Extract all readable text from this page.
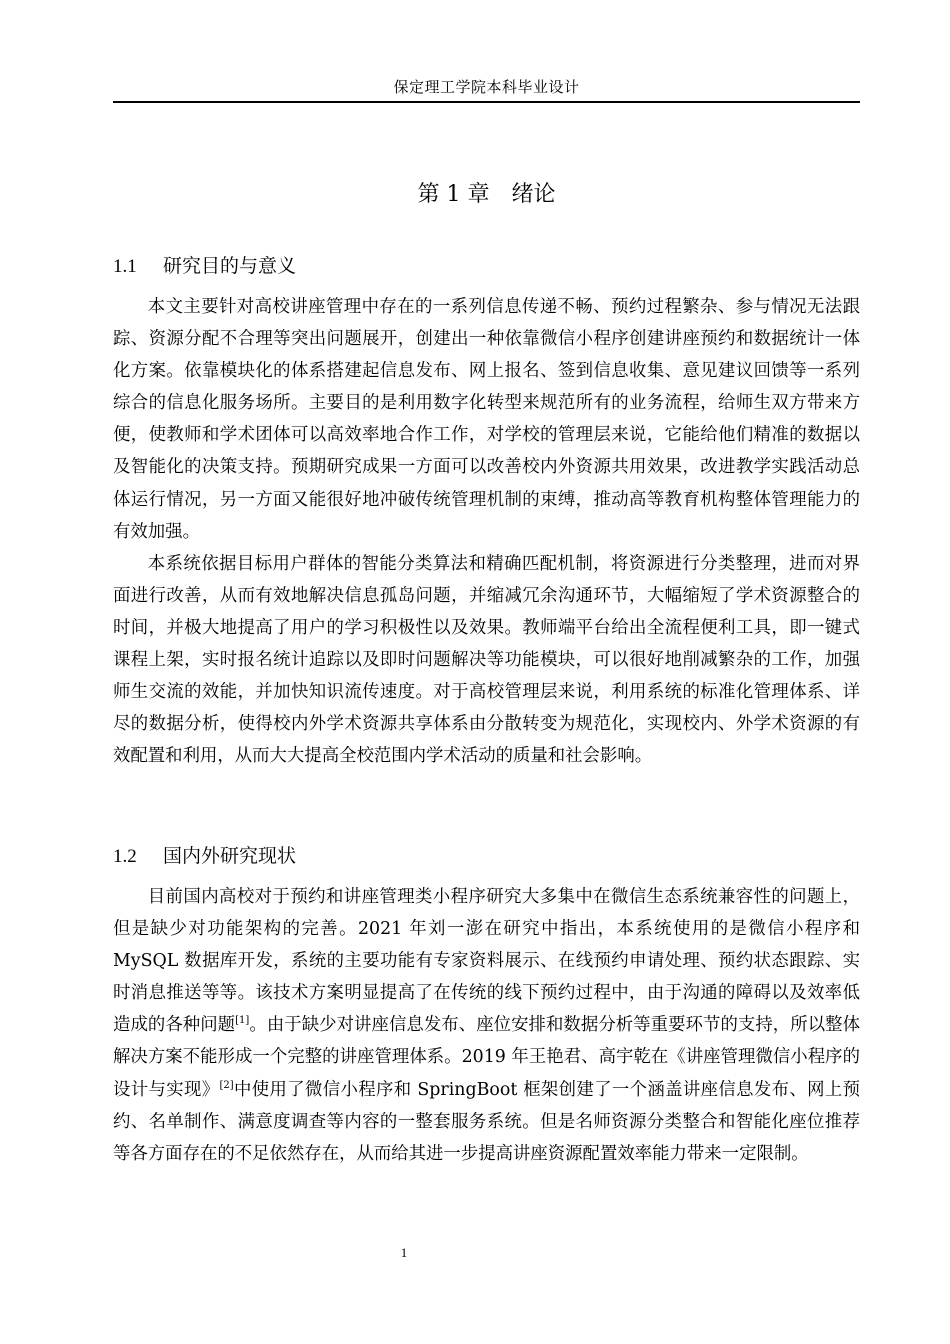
保定理工学院本科毕业设计
第 1 章 绪论
1.1 研究目的与意义

本文主要针对高校讲座管理中存在的一系列信息传递不畅、预约过程繁杂、参与情况无法跟踪、资源分配不合理等突出问题展开，创建出一种依靠微信小程序创建讲座预约和数据统计一体化方案。依靠模块化的体系搭建起信息发布、网上报名、签到信息收集、意见建议回馈等一系列综合的信息化服务场所。主要目的是利用数字化转型来规范所有的业务流程，给师生双方带来方便，使教师和学术团体可以高效率地合作工作，对学校的管理层来说，它能给他们精准的数据以及智能化的决策支持。预期研究成果一方面可以改善校内外资源共用效果，改进教学实践活动总体运行情况，另一方面又能很好地冲破传统管理机制的束缚，推动高等教育机构整体管理能力的有效加强。

本系统依据目标用户群体的智能分类算法和精确匹配机制，将资源进行分类整理，进而对界面进行改善，从而有效地解决信息孤岛问题，并缩减冗余沟通环节，大幅缩短了学术资源整合的时间，并极大地提高了用户的学习积极性以及效果。教师端平台给出全流程便利工具，即一键式课程上架，实时报名统计追踪以及即时问题解决等功能模块，可以很好地削减繁杂的工作，加强师生交流的效能，并加快知识流传速度。对于高校管理层来说，利用系统的标准化管理体系、详尽的数据分析，使得校内外学术资源共享体系由分散转变为规范化，实现校内、外学术资源的有效配置和利用，从而大大提高全校范围内学术活动的质量和社会影响。

1.2 国内外研究现状

目前国内高校对于预约和讲座管理类小程序研究大多集中在微信生态系统兼容性的问题上，但是缺少对功能架构的完善。2021 年刘一澎在研究中指出，本系统使用的是微信小程序和 MySQL 数据库开发，系统的主要功能有专家资料展示、在线预约申请处理、预约状态跟踪、实时消息推送等等。该技术方案明显提高了在传统的线下预约过程中，由于沟通的障碍以及效率低造成的各种问题[1]。由于缺少对讲座信息发布、座位安排和数据分析等重要环节的支持，所以整体解决方案不能形成一个完整的讲座管理体系。2019 年王艳君、高宇乾在《讲座管理微信小程序的设计与实现》[2]中使用了微信小程序和 SpringBoot 框架创建了一个涵盖讲座信息发布、网上预约、名单制作、满意度调查等内容的一整套服务系统。但是名师资源分类整合和智能化座位推荐等各方面存在的不足依然存在，从而给其进一步提高讲座资源配置效率能力带来一定限制。

1
